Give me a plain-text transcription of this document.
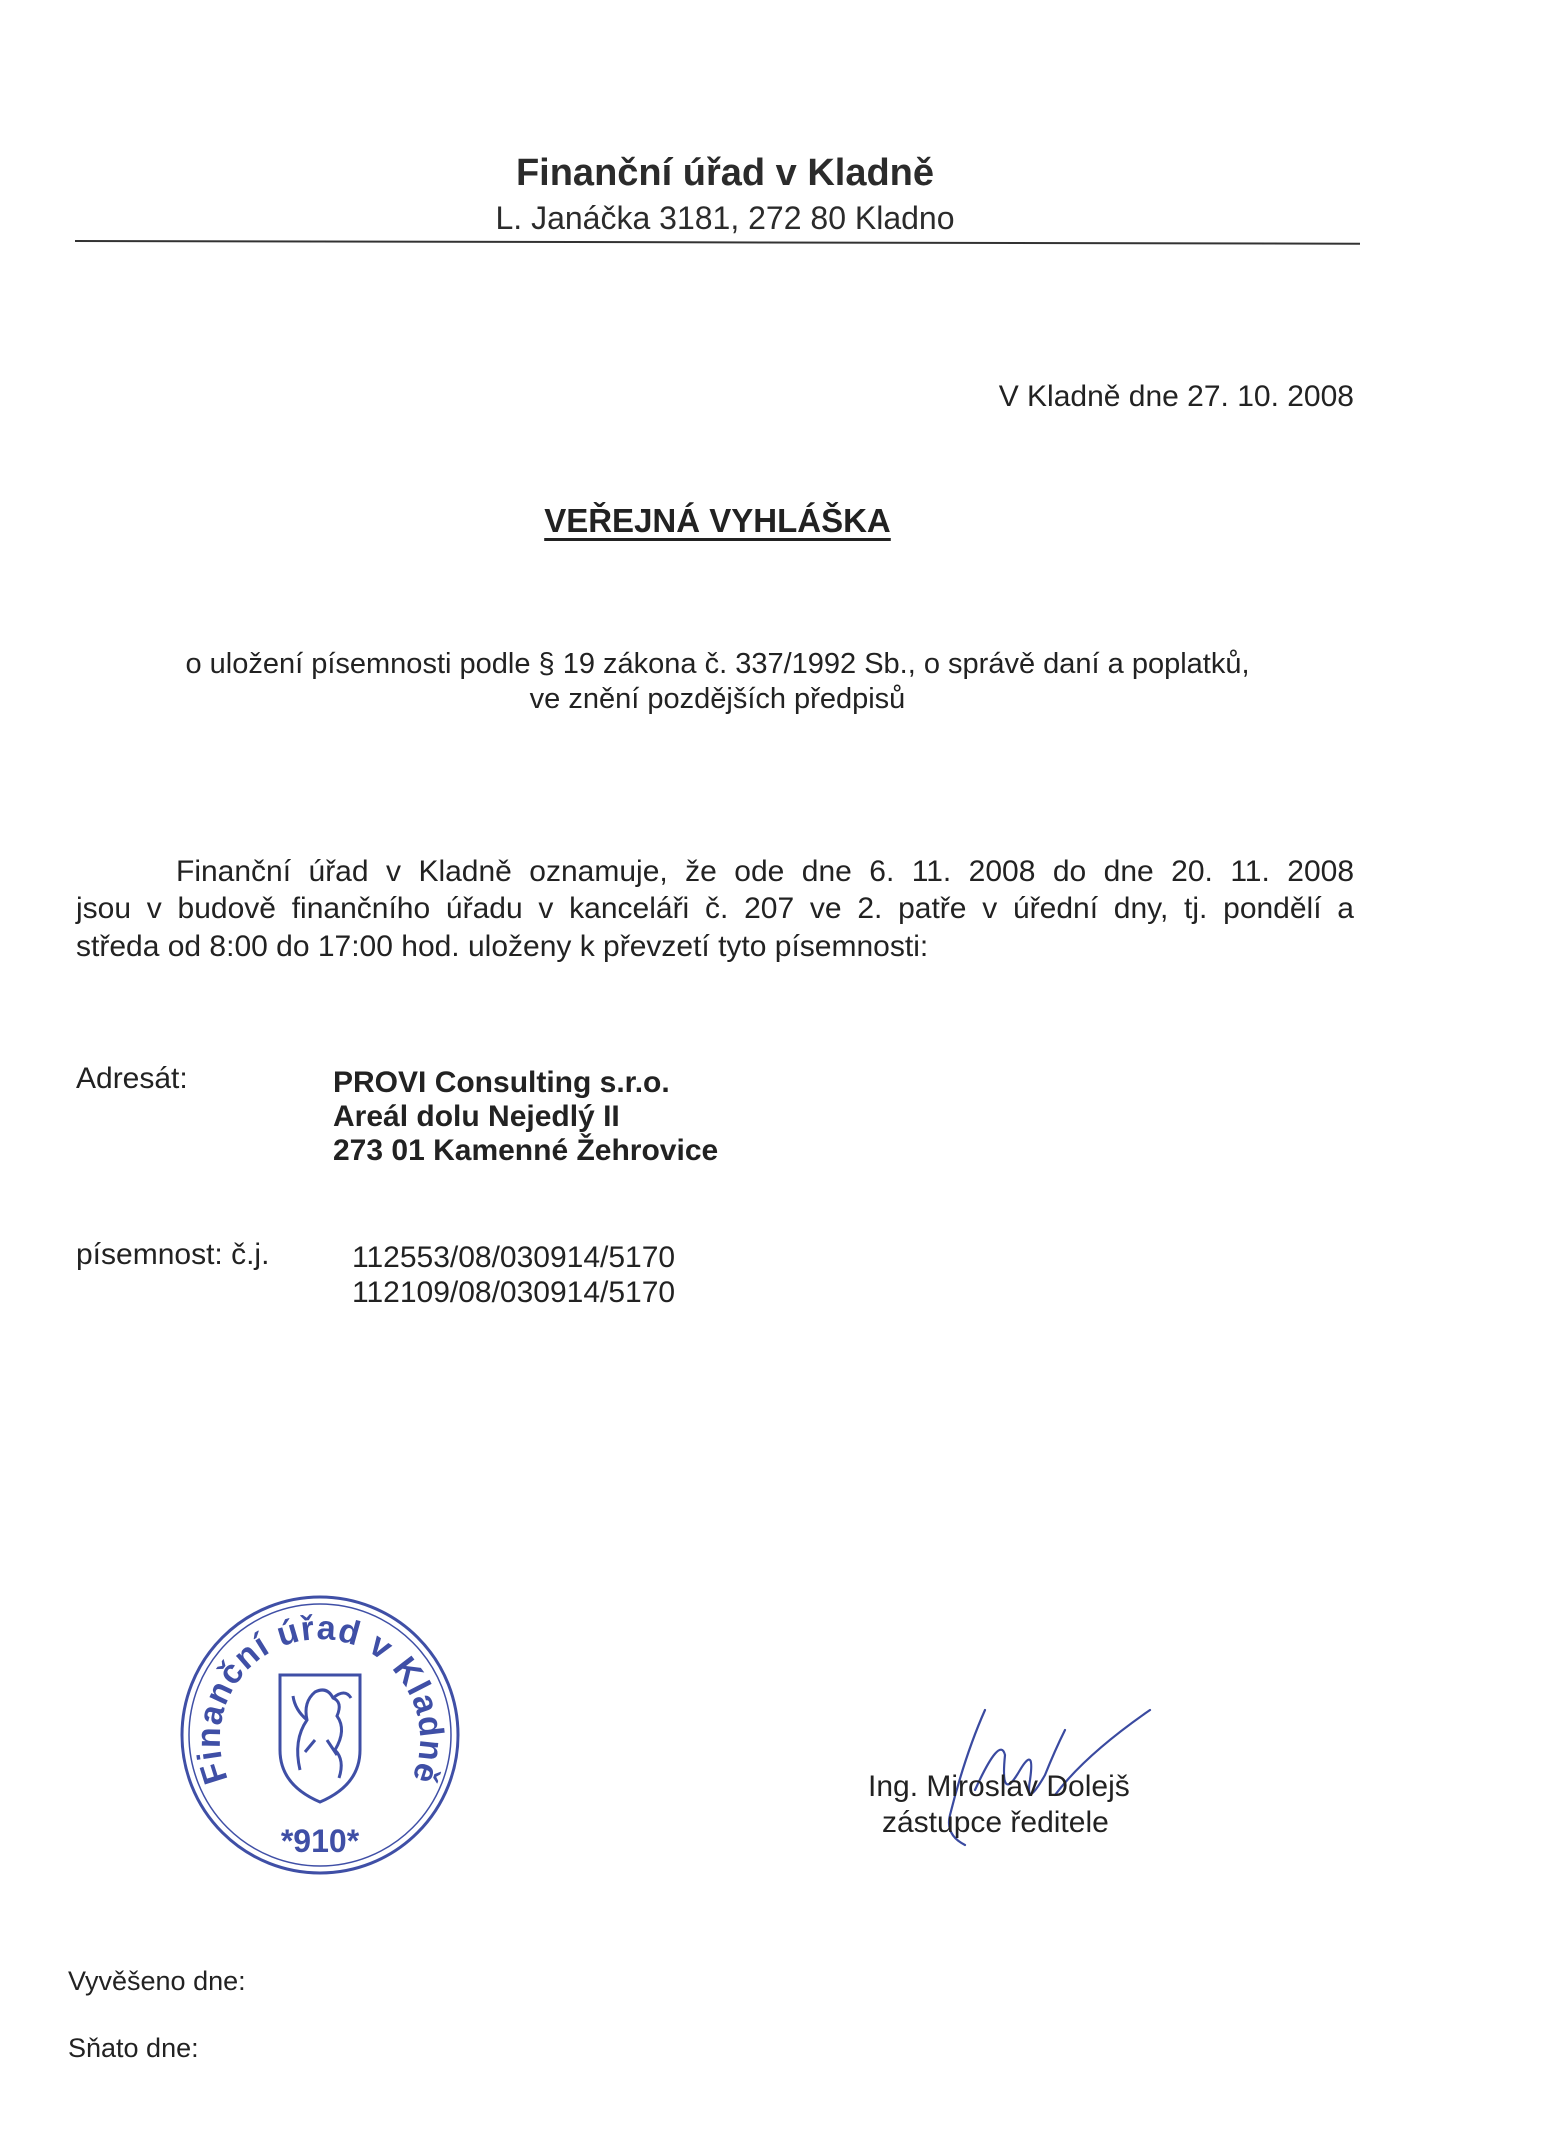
Finanční úřad v Kladně
L. Janáčka 3181, 272 80 Kladno
V Kladně dne 27. 10. 2008
VEŘEJNÁ VYHLÁŠKA
o uložení písemnosti podle § 19 zákona č. 337/1992 Sb., o správě daní a poplatků,
ve znění pozdějších předpisů
Finanční úřad v Kladně oznamuje, že ode dne 6. 11. 2008 do dne 20. 11. 2008
jsou v budově finančního úřadu v kanceláři č. 207 ve 2. patře v úřední dny, tj. pondělí a
středa od 8:00 do 17:00 hod. uloženy k převzetí tyto písemnosti:
Adresát:	PROVI Consulting s.r.o.
Areál dolu Nejedlý II
273 01 Kamenné Žehrovice
písemnost: č.j.	112553/08/030914/5170
112109/08/030914/5170
Finanční úřad v Kladně
*910*
Ing. Miroslav Dolejš
zástupce ředitele
Vyvěšeno dne:
Sňato dne:
